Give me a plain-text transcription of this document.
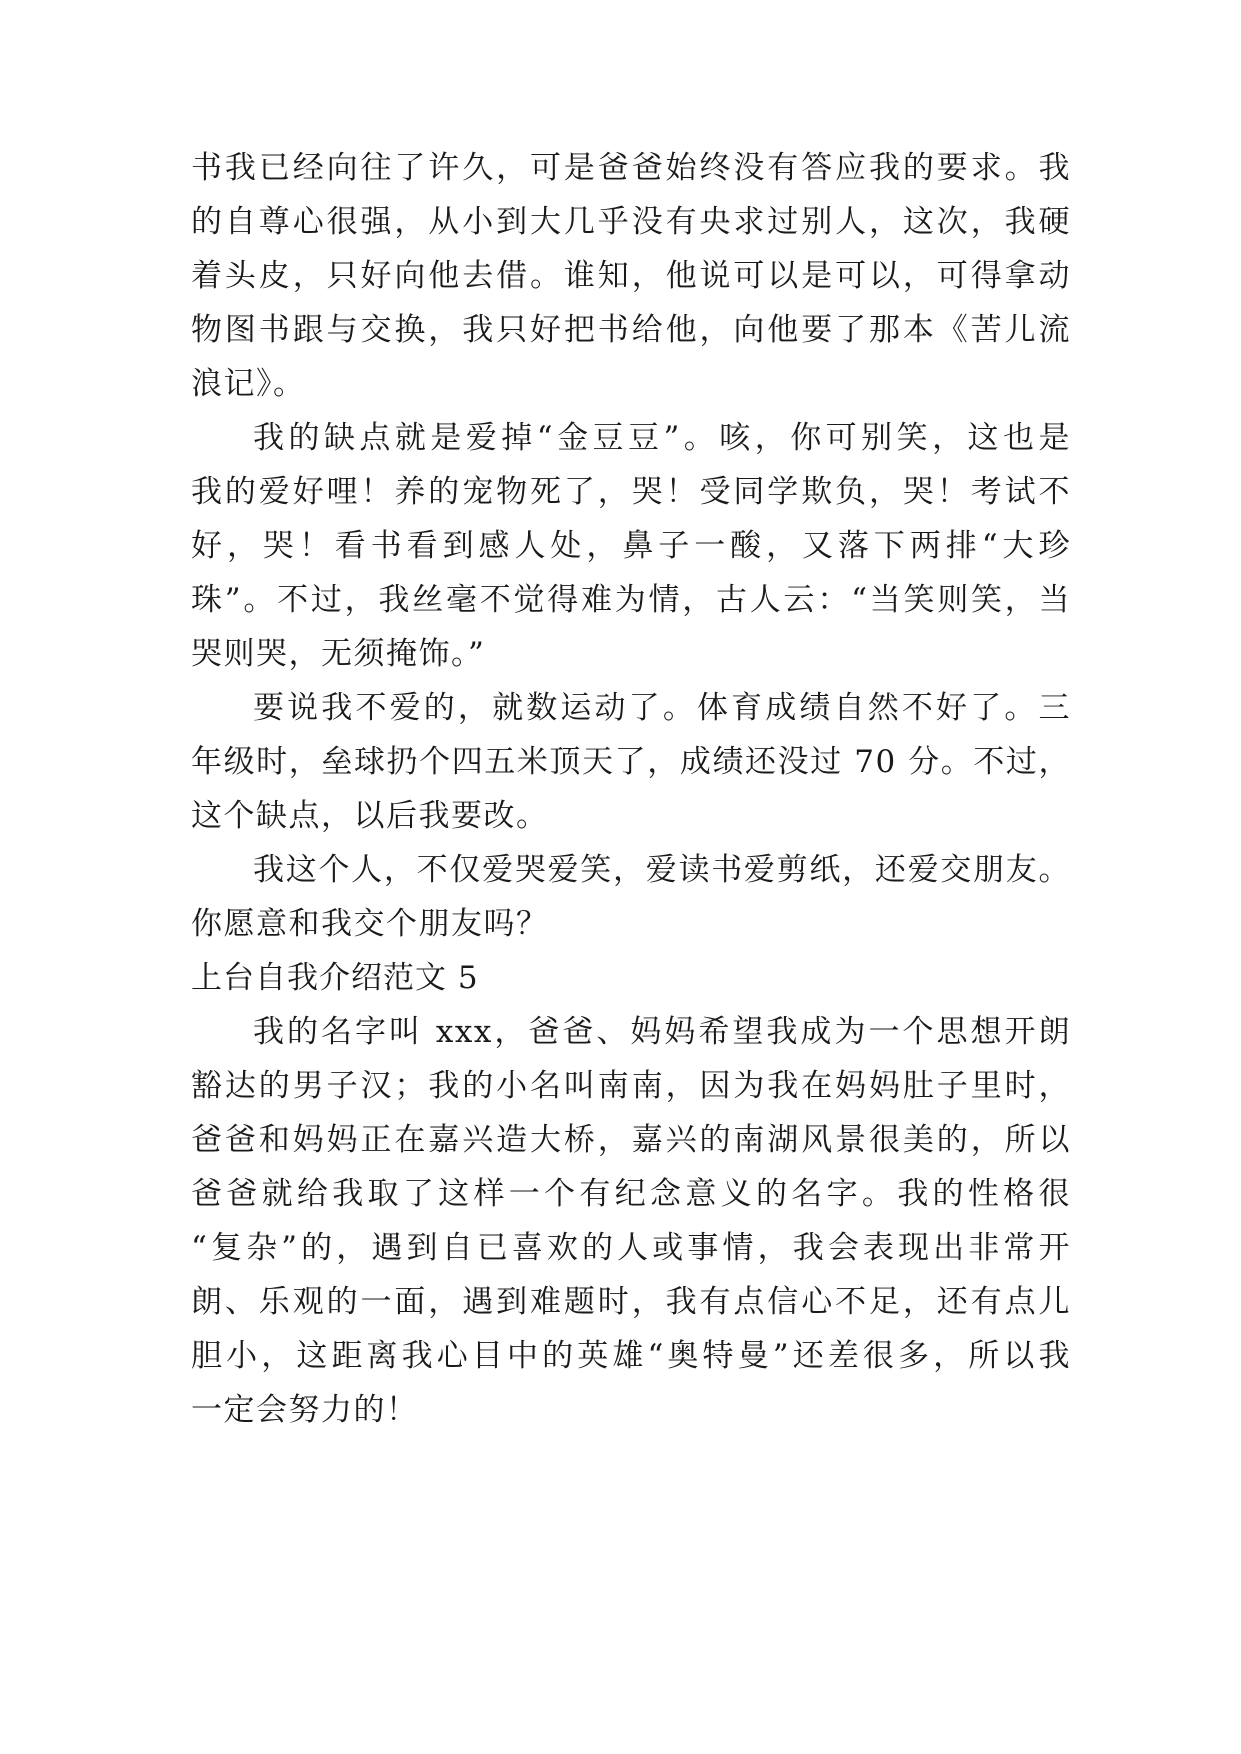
书我已经向往了许久，可是爸爸始终没有答应我的要求。我
的自尊心很强，从小到大几乎没有央求过别人，这次，我硬
着头皮，只好向他去借。谁知，他说可以是可以，可得拿动
物图书跟与交换，我只好把书给他，向他要了那本《苦儿流
浪记》。
我的缺点就是爱掉“金豆豆”。咳，你可别笑，这也是
我的爱好哩！养的宠物死了，哭！受同学欺负，哭！考试不
好，哭！看书看到感人处，鼻子一酸，又落下两排“大珍
珠”。不过，我丝毫不觉得难为情，古人云：“当笑则笑，当
哭则哭，无须掩饰。”
要说我不爱的，就数运动了。体育成绩自然不好了。三
年级时，垒球扔个四五米顶天了，成绩还没过 70 分。不过，
这个缺点，以后我要改。
我这个人，不仅爱哭爱笑，爱读书爱剪纸，还爱交朋友。
你愿意和我交个朋友吗？
上台自我介绍范文 5
我的名字叫 xxx，爸爸、妈妈希望我成为一个思想开朗
豁达的男子汉；我的小名叫南南，因为我在妈妈肚子里时，
爸爸和妈妈正在嘉兴造大桥，嘉兴的南湖风景很美的，所以
爸爸就给我取了这样一个有纪念意义的名字。我的性格很
“复杂”的，遇到自已喜欢的人或事情，我会表现出非常开
朗、乐观的一面，遇到难题时，我有点信心不足，还有点儿
胆小，这距离我心目中的英雄“奥特曼”还差很多，所以我
一定会努力的！
